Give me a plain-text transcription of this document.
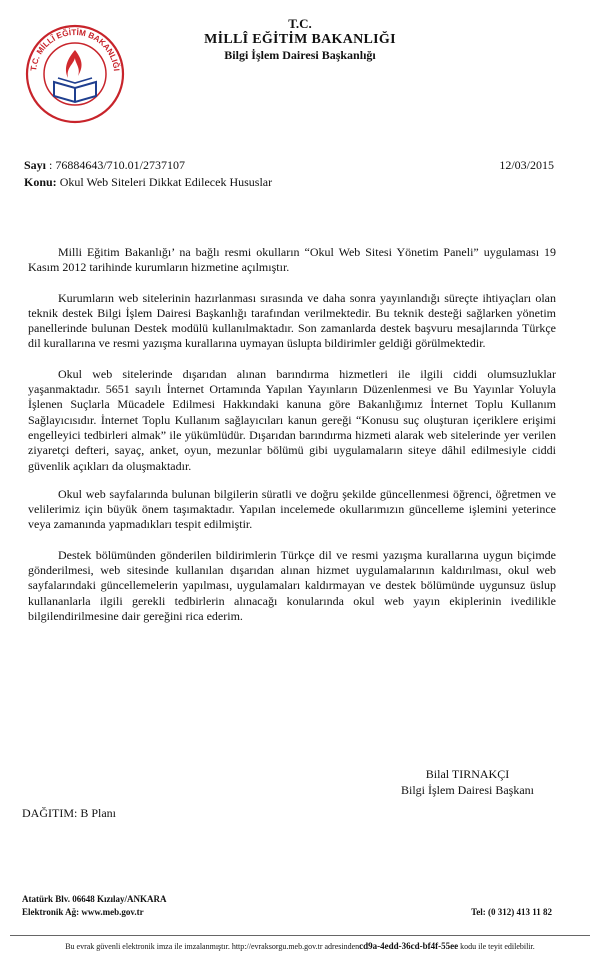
T.C. MİLLÎ EĞİTİM BAKANLIĞI
T.C.
MİLLÎ EĞİTİM BAKANLIĞI
Bilgi İşlem Dairesi Başkanlığı
Sayı : 76884643/710.01/2737107	12/03/2015
Konu: Okul Web Siteleri Dikkat Edilecek Hususlar

Milli Eğitim Bakanlığı’ na bağlı resmi okulların “Okul Web Sitesi Yönetim Paneli” uygulaması 19 Kasım 2012 tarihinde kurumların hizmetine açılmıştır.

Kurumların web sitelerinin hazırlanması sırasında ve daha sonra yayınlandığı süreçte ihtiyaçları olan teknik destek Bilgi İşlem Dairesi Başkanlığı tarafından verilmektedir. Bu teknik desteği sağlarken yönetim panellerinde bulunan Destek modülü kullanılmaktadır. Son zamanlarda destek başvuru mesajlarında Türkçe dil kurallarına ve resmi yazışma kurallarına uymayan üslupta bildirimler geldiği görülmektedir.

Okul web sitelerinde dışarıdan alınan barındırma hizmetleri ile ilgili ciddi olumsuzluklar yaşanmaktadır. 5651 sayılı İnternet Ortamında Yapılan Yayınların Düzenlenmesi ve Bu Yayınlar Yoluyla İşlenen Suçlarla Mücadele Edilmesi Hakkındaki kanuna göre Bakanlığımız İnternet Toplu Kullanım Sağlayıcısıdır. İnternet Toplu Kullanım sağlayıcıları kanun gereği “Konusu suç oluşturan içeriklere erişimi engelleyici tedbirleri almak” ile yükümlüdür. Dışarıdan barındırma hizmeti alarak web sitelerinde yer verilen ziyaretçi defteri, sayaç, anket, oyun, mezunlar bölümü gibi uygulamaların siteye dâhil edilmesiyle ciddi güvenlik açıkları da oluşmaktadır.

Okul web sayfalarında bulunan bilgilerin süratli ve doğru şekilde güncellenmesi öğrenci, öğretmen ve velilerimiz için büyük önem taşımaktadır. Yapılan incelemede okullarımızın güncelleme işlemini yeterince veya zamanında yapmadıkları tespit edilmiştir.

Destek bölümünden gönderilen bildirimlerin Türkçe dil ve resmi yazışma kurallarına uygun biçimde gönderilmesi, web sitesinde kullanılan dışarıdan alınan hizmet uygulamalarının kaldırılması, okul web sayfalarındaki güncellemelerin yapılması, uygulamaları kaldırmayan ve destek bölümünde uygunsuz üslup kullananlarla ilgili gerekli tedbirlerin alınacağı konularında okul web yayın ekiplerinin ivedilikle bilgilendirilmesine dair gereğini rica ederim.

Bilal TIRNAKÇI
Bilgi İşlem Dairesi Başkanı
DAĞITIM: B Planı
Atatürk Blv. 06648 Kızılay/ANKARA
Elektronik Ağ: www.meb.gov.tr	Tel: (0 312) 413 11 82
Bu evrak güvenli elektronik imza ile imzalanmıştır. http://evraksorgu.meb.gov.tr adresindencd9a-4edd-36cd-bf4f-55ee kodu ile teyit edilebilir.
